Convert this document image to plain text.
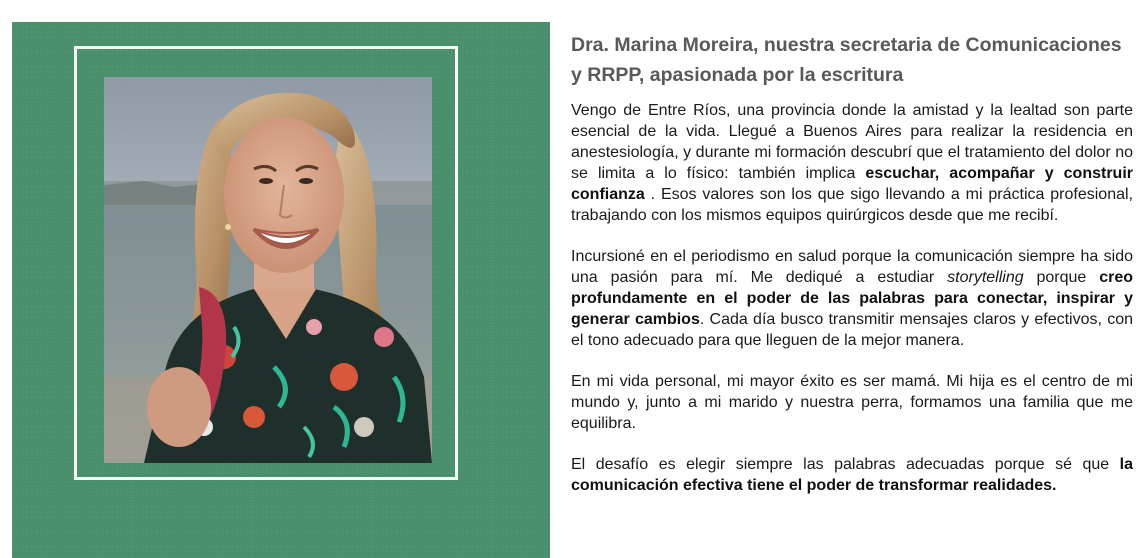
Dra. Marina Moreira, nuestra secretaria de Comunicaciones y RRPP, apasionada por la escritura

Vengo de Entre Ríos, una provincia donde la amistad y la lealtad son parte esencial de la vida. Llegué a Buenos Aires para realizar la residencia en anestesiología, y durante mi formación descubrí que el tratamiento del dolor no se limita a lo físico: también implica escuchar, acompañar y construir confianza . Esos valores son los que sigo llevando a mi práctica profesional, trabajando con los mismos equipos quirúrgicos desde que me recibí.

Incursioné en el periodismo en salud porque la comunicación siempre ha sido una pasión para mí. Me dediqué a estudiar storytelling porque creo profundamente en el poder de las palabras para conectar, inspirar y generar cambios. Cada día busco transmitir mensajes claros y efectivos, con el tono adecuado para que lleguen de la mejor manera.

En mi vida personal, mi mayor éxito es ser mamá. Mi hija es el centro de mi mundo y, junto a mi marido y nuestra perra, formamos una familia que me equilibra.

El desafío es elegir siempre las palabras adecuadas porque sé que la comunicación efectiva tiene el poder de transformar realidades.
